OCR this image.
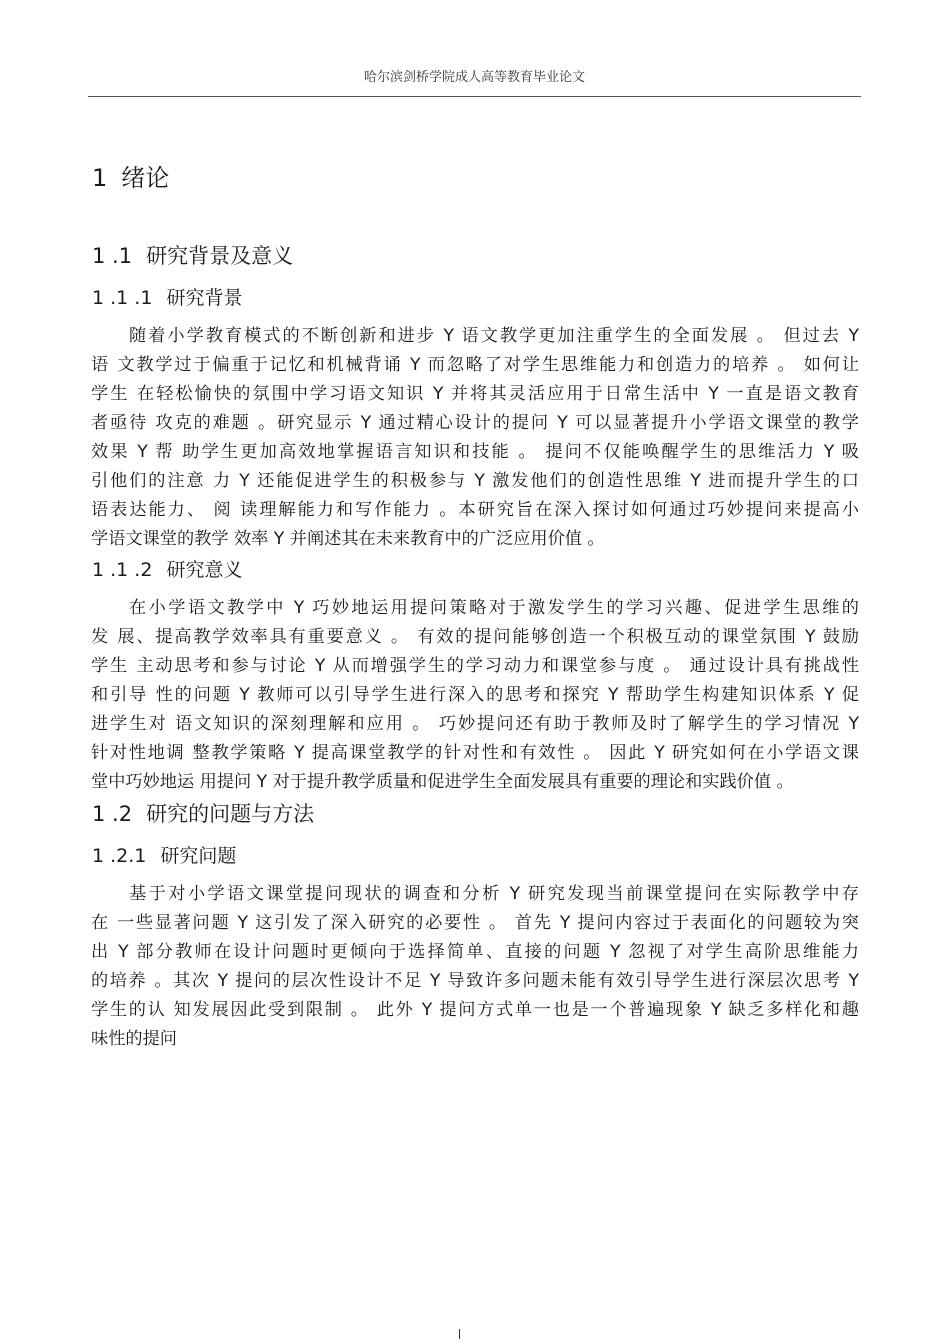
哈尔滨剑桥学院成人高等教育毕业论文
1 绪论
1 .1 研究背景及意义
1 .1 .1 研究背景
随着小学教育模式的不断创新和进步 Y 语文教学更加注重学生的全面发展 。 但过去 Y
语 文教学过于偏重于记忆和机械背诵 Y 而忽略了对学生思维能力和创造力的培养 。 如何让
学生 在轻松愉快的氛围中学习语文知识 Y 并将其灵活应用于日常生活中 Y 一直是语文教育
者亟待 攻克的难题 。研究显示 Y 通过精心设计的提问 Y 可以显著提升小学语文课堂的教学
效果 Y 帮 助学生更加高效地掌握语言知识和技能 。 提问不仅能唤醒学生的思维活力 Y 吸
引他们的注意 力 Y 还能促进学生的积极参与 Y 激发他们的创造性思维 Y 进而提升学生的口
语表达能力、 阅 读理解能力和写作能力 。本研究旨在深入探讨如何通过巧妙提问来提高小
学语文课堂的教学 效率 Y 并阐述其在未来教育中的广泛应用价值 。
1 .1 .2 研究意义
在小学语文教学中 Y 巧妙地运用提问策略对于激发学生的学习兴趣、促进学生思维的
发 展、提高教学效率具有重要意义 。 有效的提问能够创造一个积极互动的课堂氛围 Y 鼓励
学生 主动思考和参与讨论 Y 从而增强学生的学习动力和课堂参与度 。 通过设计具有挑战性
和引导 性的问题 Y 教师可以引导学生进行深入的思考和探究 Y 帮助学生构建知识体系 Y 促
进学生对 语文知识的深刻理解和应用 。 巧妙提问还有助于教师及时了解学生的学习情况 Y
针对性地调 整教学策略 Y 提高课堂教学的针对性和有效性 。 因此 Y 研究如何在小学语文课
堂中巧妙地运 用提问 Y 对于提升教学质量和促进学生全面发展具有重要的理论和实践价值 。
1 .2 研究的问题与方法
1 .2.1 研究问题
基于对小学语文课堂提问现状的调查和分析 Y 研究发现当前课堂提问在实际教学中存
在 一些显著问题 Y 这引发了深入研究的必要性 。 首先 Y 提问内容过于表面化的问题较为突
出 Y 部分教师在设计问题时更倾向于选择简单、直接的问题 Y 忽视了对学生高阶思维能力
的培养 。其次 Y 提问的层次性设计不足 Y 导致许多问题未能有效引导学生进行深层次思考 Y
学生的认 知发展因此受到限制 。 此外 Y 提问方式单一也是一个普遍现象 Y 缺乏多样化和趣
味性的提问
